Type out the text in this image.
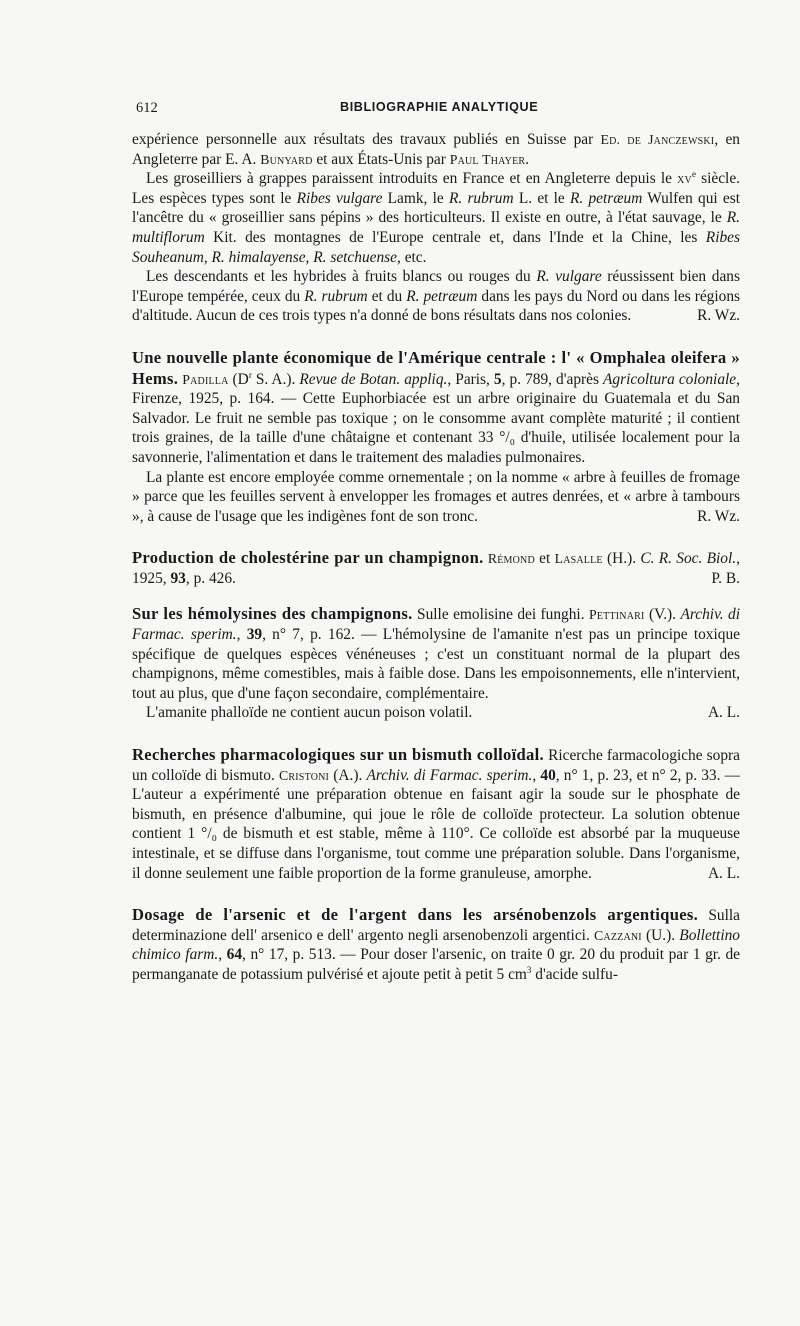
612	BIBLIOGRAPHIE ANALYTIQUE

expérience personnelle aux résultats des travaux publiés en Suisse par Ed. de Janczewski, en Angleterre par E. A. Bunyard et aux États-Unis par Paul Thayer.

Les groseilliers à grappes paraissent introduits en France et en Angleterre depuis le $xv^e$ siècle. Les espèces types sont le Ribes vulgare Lamk, le R. rubrum L. et le R. petræum Wulfen qui est l'ancêtre du « groseillier sans pépins » des horticulteurs. Il existe en outre, à l'état sauvage, le R. multiflorum Kit. des montagnes de l'Europe centrale et, dans l'Inde et la Chine, les Ribes Souheanum, R. himalayense, R. setchuense, etc.

Les descendants et les hybrides à fruits blancs ou rouges du R. vulgare réussissent bien dans l'Europe tempérée, ceux du R. rubrum et du R. petræum dans les pays du Nord ou dans les régions d'altitude. Aucun de ces trois types n'a donné de bons résultats dans nos colonies.	R. Wz.

Une nouvelle plante économique de l'Amérique centrale : l' « Omphalea oleifera » Hems. Padilla ($D^r$ S. A.). Revue de Botan. appliq., Paris, 5, p. 789, d'après Agricoltura coloniale, Firenze, 1925, p. 164. — Cette Euphorbiacée est un arbre originaire du Guatemala et du San Salvador. Le fruit ne semble pas toxique ; on le consomme avant complète maturité ; il contient trois graines, de la taille d'une châtaigne et contenant 33 °/₀ d'huile, utilisée localement pour la savonnerie, l'alimentation et dans le traitement des maladies pulmonaires.

La plante est encore employée comme ornementale ; on la nomme « arbre à feuilles de fromage » parce que les feuilles servent à envelopper les fromages et autres denrées, et « arbre à tambours », à cause de l'usage que les indigènes font de son tronc.	R. Wz.

Production de cholestérine par un champignon. Rémond et Lasalle (H.). C. R. Soc. Biol., 1925, 93, p. 426.	P. B.

Sur les hémolysines des champignons. Sulle emolisine dei funghi. Pettinari (V.). Archiv. di Farmac. sperim., 39, n° 7, p. 162. — L'hémolysine de l'amanite n'est pas un principe toxique spécifique de quelques espèces vénéneuses ; c'est un constituant normal de la plupart des champignons, même comestibles, mais à faible dose. Dans les empoisonnements, elle n'intervient, tout au plus, que d'une façon secondaire, complémentaire.

L'amanite phalloïde ne contient aucun poison volatil.	A. L.

Recherches pharmacologiques sur un bismuth colloïdal. Ricerche farmacologiche sopra un colloïde di bismuto. Cristoni (A.). Archiv. di Farmac. sperim., 40, n° 1, p. 23, et n° 2, p. 33. — L'auteur a expérimenté une préparation obtenue en faisant agir la soude sur le phosphate de bismuth, en présence d'albumine, qui joue le rôle de colloïde protecteur. La solution obtenue contient 1 °/₀ de bismuth et est stable, même à 110°. Ce colloïde est absorbé par la muqueuse intestinale, et se diffuse dans l'organisme, tout comme une préparation soluble. Dans l'organisme, il donne seulement une faible proportion de la forme granuleuse, amorphe.	A. L.

Dosage de l'arsenic et de l'argent dans les arsénobenzols argentiques. Sulla determinazione dell' arsenico e dell' argento negli arsenobenzoli argentici. Cazzani (U.). Bollettino chimico farm., 64, n° 17, p. 513. — Pour doser l'arsenic, on traite 0 gr. 20 du produit par 1 gr. de permanganate de potassium pulvérisé et ajoute petit à petit 5 $cm^3$ d'acide sulfu-
